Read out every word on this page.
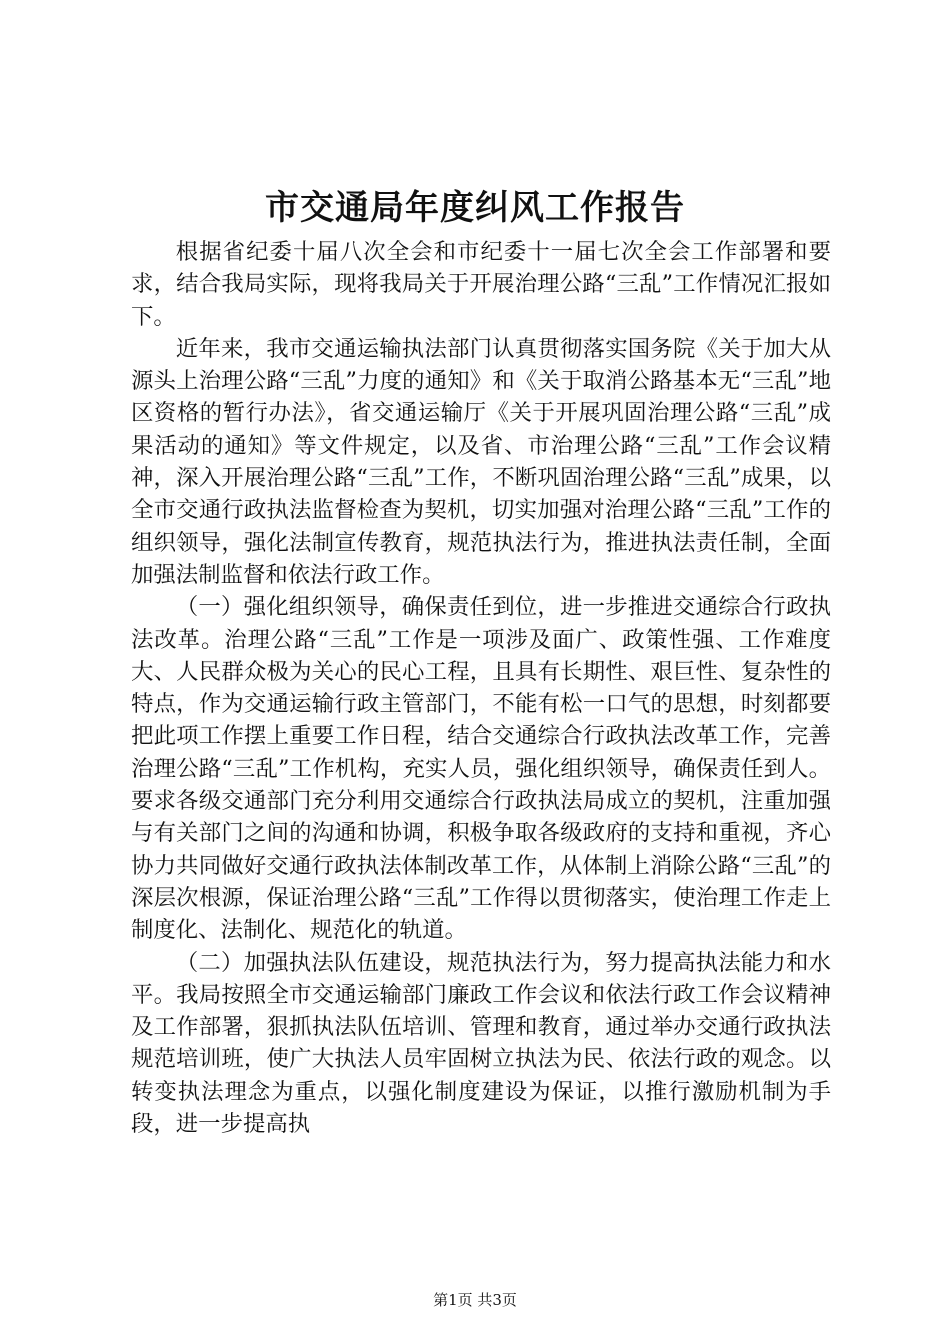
市交通局年度纠风工作报告

根据省纪委十届八次全会和市纪委十一届七次全会工作部署和要求，结合我局实际，现将我局关于开展治理公路“三乱”工作情况汇报如下。

近年来，我市交通运输执法部门认真贯彻落实国务院《关于加大从源头上治理公路“三乱”力度的通知》和《关于取消公路基本无“三乱”地区资格的暂行办法》，省交通运输厅《关于开展巩固治理公路“三乱”成果活动的通知》等文件规定，以及省、市治理公路“三乱”工作会议精神，深入开展治理公路“三乱”工作，不断巩固治理公路“三乱”成果，以全市交通行政执法监督检查为契机，切实加强对治理公路“三乱”工作的组织领导，强化法制宣传教育，规范执法行为，推进执法责任制，全面加强法制监督和依法行政工作。

（一）强化组织领导，确保责任到位，进一步推进交通综合行政执法改革。治理公路“三乱”工作是一项涉及面广、政策性强、工作难度大、人民群众极为关心的民心工程，且具有长期性、艰巨性、复杂性的特点，作为交通运输行政主管部门，不能有松一口气的思想，时刻都要把此项工作摆上重要工作日程，结合交通综合行政执法改革工作，完善治理公路“三乱”工作机构，充实人员，强化组织领导，确保责任到人。要求各级交通部门充分利用交通综合行政执法局成立的契机，注重加强与有关部门之间的沟通和协调，积极争取各级政府的支持和重视，齐心协力共同做好交通行政执法体制改革工作，从体制上消除公路“三乱”的深层次根源，保证治理公路“三乱”工作得以贯彻落实，使治理工作走上制度化、法制化、规范化的轨道。

（二）加强执法队伍建设，规范执法行为，努力提高执法能力和水平。我局按照全市交通运输部门廉政工作会议和依法行政工作会议精神及工作部署，狠抓执法队伍培训、管理和教育，通过举办交通行政执法规范培训班，使广大执法人员牢固树立执法为民、依法行政的观念。以转变执法理念为重点，以强化制度建设为保证，以推行激励机制为手段，进一步提高执

第1页 共3页
